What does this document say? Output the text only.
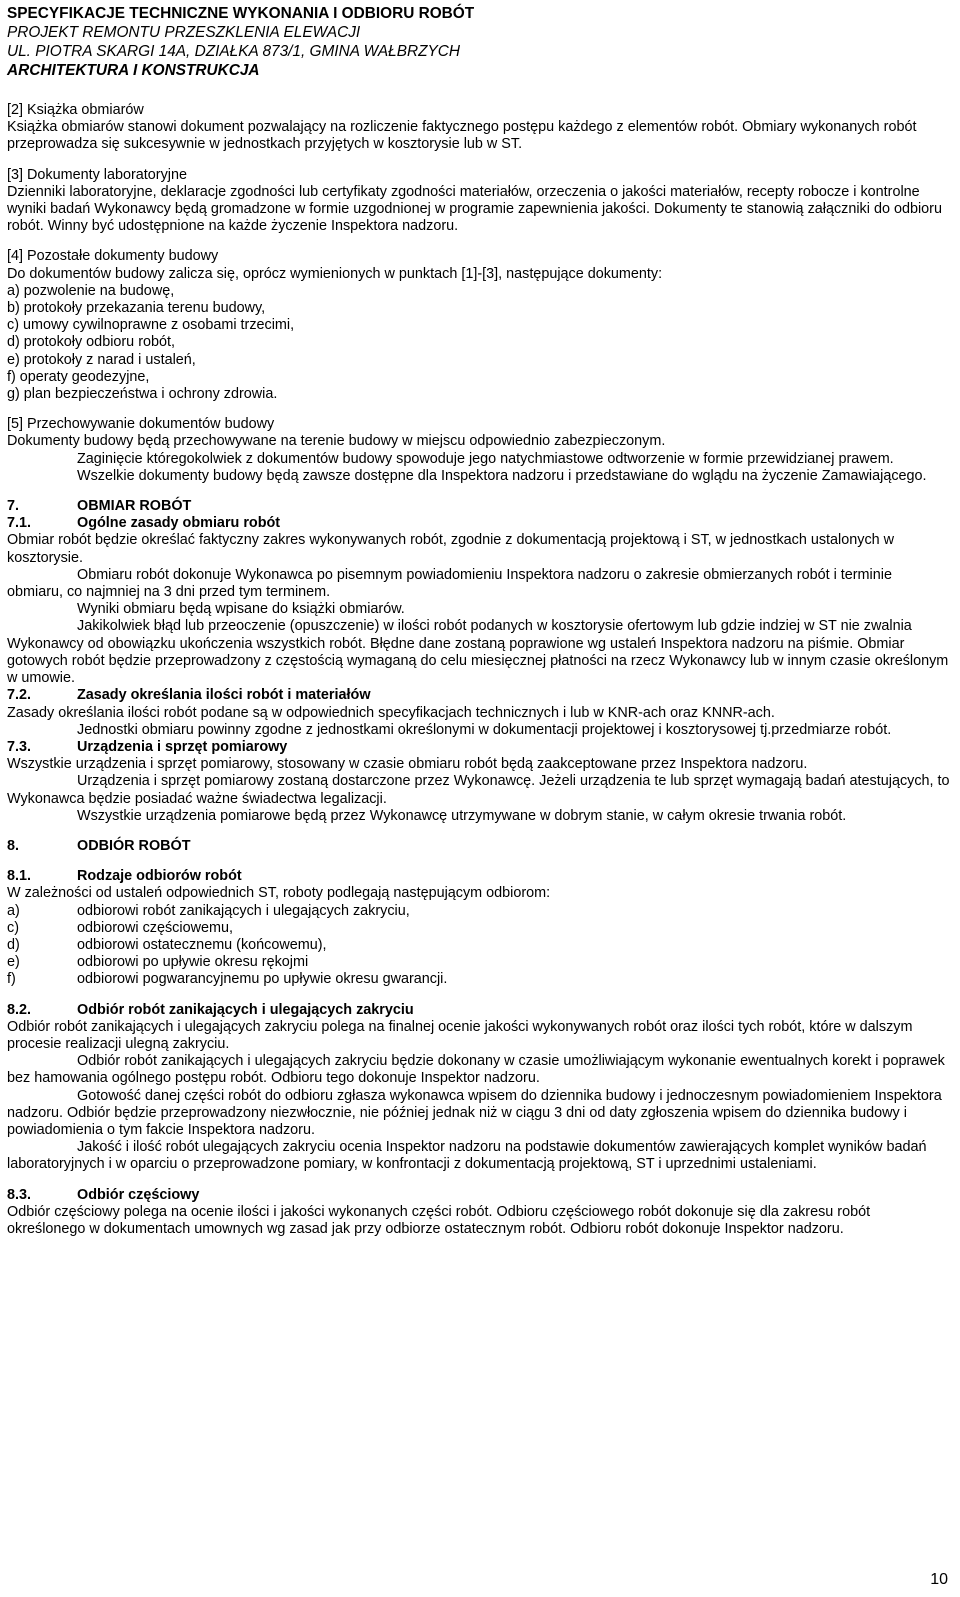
SPECYFIKACJE TECHNICZNE WYKONANIA I ODBIORU ROBÓT
PROJEKT REMONTU PRZESZKLENIA ELEWACJI
UL. PIOTRA SKARGI 14A, DZIAŁKA 873/1, GMINA WAŁBRZYCH
ARCHITEKTURA I KONSTRUKCJA

[2] Książka obmiarów

Książka obmiarów stanowi dokument pozwalający na rozliczenie faktycznego postępu każdego z elementów robót. Obmiary wykonanych robót przeprowadza się sukcesywnie w jednostkach przyjętych w kosztorysie lub w ST.

[3] Dokumenty laboratoryjne

Dzienniki laboratoryjne, deklaracje zgodności lub certyfikaty zgodności materiałów, orzeczenia o jakości materiałów, recepty robocze i kontrolne wyniki badań Wykonawcy będą gromadzone w formie uzgodnionej w programie zapewnienia jakości. Dokumenty te stanowią załączniki do odbioru robót. Winny być udostępnione na każde życzenie Inspektora nadzoru.

[4] Pozostałe dokumenty budowy

Do dokumentów budowy zalicza się, oprócz wymienionych w punktach [1]-[3], następujące dokumenty:

a) pozwolenie na budowę,

b) protokoły przekazania terenu budowy,

c) umowy cywilnoprawne z osobami trzecimi,

d) protokoły odbioru robót,

e) protokoły z narad i ustaleń,

f) operaty geodezyjne,

g) plan bezpieczeństwa i ochrony zdrowia.

[5] Przechowywanie dokumentów budowy

Dokumenty budowy będą przechowywane na terenie budowy w miejscu odpowiednio zabezpieczonym.

Zaginięcie któregokolwiek z dokumentów budowy spowoduje jego natychmiastowe odtworzenie w formie przewidzianej prawem.

Wszelkie dokumenty budowy będą zawsze dostępne dla Inspektora nadzoru i przedstawiane do wglądu na życzenie Zamawiającego.

7.	OBMIAR ROBÓT

7.1.	Ogólne zasady obmiaru robót

Obmiar robót będzie określać faktyczny zakres wykonywanych robót, zgodnie z dokumentacją projektową i ST, w jednostkach ustalonych w kosztorysie.

Obmiaru robót dokonuje Wykonawca po pisemnym powiadomieniu Inspektora nadzoru o zakresie obmierzanych robót i terminie obmiaru, co najmniej na 3 dni przed tym terminem.

Wyniki obmiaru będą wpisane do książki obmiarów.

Jakikolwiek błąd lub przeoczenie (opuszczenie) w ilości robót podanych w kosztorysie ofertowym lub gdzie indziej w ST nie zwalnia Wykonawcy od obowiązku ukończenia wszystkich robót. Błędne dane zostaną poprawione wg ustaleń Inspektora nadzoru na piśmie. Obmiar gotowych robót będzie przeprowadzony z częstością wymaganą do celu miesięcznej płatności na rzecz Wykonawcy lub w innym czasie określonym w umowie.

7.2.	Zasady określania ilości robót i materiałów

Zasady określania ilości robót podane są w odpowiednich specyfikacjach technicznych i lub w KNR-ach oraz KNNR-ach.

Jednostki obmiaru powinny zgodne z jednostkami określonymi w dokumentacji projektowej i kosztorysowej tj.przedmiarze robót.

7.3.	Urządzenia i sprzęt pomiarowy

Wszystkie urządzenia i sprzęt pomiarowy, stosowany w czasie obmiaru robót będą zaakceptowane przez Inspektora nadzoru.

Urządzenia i sprzęt pomiarowy zostaną dostarczone przez Wykonawcę. Jeżeli urządzenia te lub sprzęt wymagają badań atestujących, to Wykonawca będzie posiadać ważne świadectwa legalizacji.

Wszystkie urządzenia pomiarowe będą przez Wykonawcę utrzymywane w dobrym stanie, w całym okresie trwania robót.

8.	ODBIÓR ROBÓT

8.1.	Rodzaje odbiorów robót

W zależności od ustaleń odpowiednich ST, roboty podlegają następującym odbiorom:

a)	odbiorowi robót zanikających i ulegających zakryciu,
c)	odbiorowi częściowemu,
d)	odbiorowi ostatecznemu (końcowemu),
e)	odbiorowi po upływie okresu rękojmi
f)	odbiorowi pogwarancyjnemu po upływie okresu gwarancji.

8.2.	Odbiór robót zanikających i ulegających zakryciu

Odbiór robót zanikających i ulegających zakryciu polega na finalnej ocenie jakości wykonywanych robót oraz ilości tych robót, które w dalszym procesie realizacji ulegną zakryciu.

Odbiór robót zanikających i ulegających zakryciu będzie dokonany w czasie umożliwiającym wykonanie ewentualnych korekt i poprawek bez hamowania ogólnego postępu robót. Odbioru tego dokonuje Inspektor nadzoru.

Gotowość danej części robót do odbioru zgłasza wykonawca wpisem do dziennika budowy i jednoczesnym powiadomieniem Inspektora nadzoru. Odbiór będzie przeprowadzony niezwłocznie, nie później jednak niż w ciągu 3 dni od daty zgłoszenia wpisem do dziennika budowy i powiadomienia o tym fakcie Inspektora nadzoru.

Jakość i ilość robót ulegających zakryciu ocenia Inspektor nadzoru na podstawie dokumentów zawierających komplet wyników badań laboratoryjnych i w oparciu o przeprowadzone pomiary, w konfrontacji z dokumentacją projektową, ST i uprzednimi ustaleniami.

8.3.	Odbiór częściowy

Odbiór częściowy polega na ocenie ilości i jakości wykonanych części robót. Odbioru częściowego robót dokonuje się dla zakresu robót określonego w dokumentach umownych wg zasad jak przy odbiorze ostatecznym robót. Odbioru robót dokonuje Inspektor nadzoru.

10
